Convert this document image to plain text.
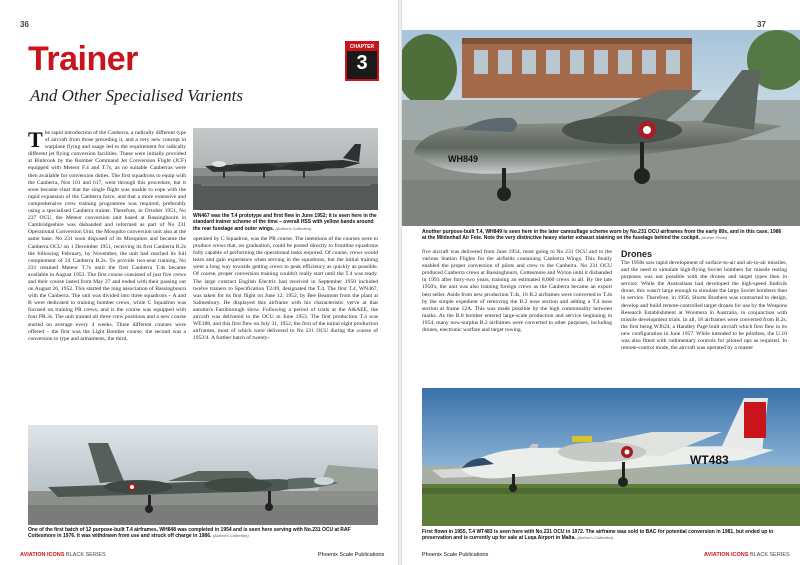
36
Trainer
And Other Specialised Varients
CHAPTER
3

The rapid introduction of the Canberra, a radically different type of aircraft from those preceding it, and a very new concept in warplane flying and usage led to the requirement for radically different jet flying conversion facilities. These were initially provided at Binbrook by the Bomber Command Jet Conversion Flight (JCF) equipped with Meteor F.4 and T.7s, as no suitable Canberras were then available for conversion duties. The first squadrons to equip with the Canberra, Nos 101 and 617, went through this procedure, but it soon became clear that the single flight was unable to cope with the rapid expansion of the Canberra force, and that a more extensive and comprehensive crew training programme was required, preferably using a specialised Canberra trainer. Therefore, in October 1951, No 237 OCU, the Meteor conversion unit based at Bassingbourn in Cambridgeshire was disbanded and reformed as part of No 231 Operational Conversion Unit, the Mosquito conversion unit also at the same base. No 231 soon disposed of its Mosquitos and became the Canberra OCU on 1 December 1951, receiving its first Canberra B.2s the following February, by November, the unit had reached its full complement of 24 Canberra B.2s. To provide two-seat training, No 231 retained Meteor T.7s until the first Canberra T.4s became available in August 1953. The first course consisted of just five crews and their course lasted from May 27 and ended with their passing out on August 26, 1952. This started the long association of Bassingbourn with the Canberra. The unit was divided into three squadrons – A and B were dedicated to training bomber crews, while C Squadron was focused on training PR crews, and is the course was equipped with four PR.3s. The unit trained all three crew positions and a new course started on average every 4 weeks. Three different courses were offered – the first was the Light Bomber course, the second was a conversion to type and armaments, the third,

WN467 was the T.4 prototype and first flew in June 1952; it is seen here in the standard trainer scheme of the time – overall HSS with yellow bands around the rear fuselage and outer wings. (Author's Collection)

operated by C Squadron, was the PR course. The intentions of the courses were to produce crews that, on graduation, could be posted directly to frontline squadrons fully capable of performing the operational tasks required. Of course, crews would learn and gain experience when serving in the squadrons, but the initial training went a long way towards getting crews to peak efficiency as quickly as possible. Of course, proper conversion training couldn't really start until the T.4 was ready. The large contract English Electric had received in September 1950 included twelve trainers to Specification T2/49, designated the T.4. The first T.4, WN467, was taken for its first flight on June 12, 1952, by Bee Beamont from the plant at Salmesbury. He displayed this airframe with his characteristic verve at that autumn's Farnborough show. Following a period of trials at the A&AEE, the aircraft was delivered to the OCU in June 1953. The first production T.4 was WE188, and this first flew on July 31, 1952, the first of the initial eight production airframes, most of which were delivered to No 231 OCU during the course of 1953/4. A further batch of twenty-

One of the first batch of 12 purpose-built T.4 airframes, WH848 was completed in 1954 and is seen here serving with No.231 OCU at RAF Cottesmore in 1976. It was withdrawn from use and struck off charge in 1986. (Author's Collection)

AVIATION ICONS BLACK SERIES	Phoenix Scale Publications
37
WH849

Another purpose-built T.4, WH849 is seen here in the later camouflage scheme worn by No.231 OCU airframes from the early 80s, and in this case, 1986 at the Mildenhall Air Fete. Note the very distinctive heavy starter exhaust staining on the fuselage behind the cockpit. (Author Photo)

five aircraft was delivered from June 1954, most going to No 231 OCU and to the various Station Flights for the airfields containing Canberra Wings. This finally enabled the proper conversion of pilots and crew to the Canberra. No 231 OCU produced Canberra crews at Bassingbourn, Cottesmore and Wyton until it disbanded in 1993 after forty-two years, training an estimated 8,000 crews in all. By the late 1950's, the unit was also training foreign crews as the Canberra became an export best seller. Aside from new production T.4s, 16 B.2 airframes were converted to T.4s by the simple expedient of removing the B.2 nose section and adding a T.4 nose section at frame 12A. This was made possible by the high commonality between marks. As the B.8 bomber entered large-scale production and service beginning in 1954, many now-surplus B.2 airframes were converted to other purposes, including drones, electronic warfare and target towing.

Drones

The 1950s saw rapid development of surface-to-air and air-to-air missiles, and the need to simulate high-flying Soviet bombers for missile testing purposes was not possible with the drones and target types then in service. While the Australians had developed the high-speed Jindivik drone, this wasn't large enough to simulate the large Soviet bombers then in service. Therefore, in 1956, Shorts Brothers was contracted to design, develop and build remote-controlled target drones for use by the Weapons Research Establishment at Woomera in Australia, in conjunction with missile development trials. In all, 18 airframes were converted from B.2s, the first being WJ624, a Handley Page built aircraft which first flew in its new configuration in June 1957. While intended to be pilotless, the U.10 was also fitted with rudimentary controls for piloted ops as required. In remote-control mode, the aircraft was operated by a master

WT483

First flown in 1955, T.4 WT483 is seen here with No.231 OCU in 1972. The airframe was sold to BAC for potential conversion in 1981, but ended up in preservation and is currently up for sale at Luqa Airport in Malta. (Author's Collection)

Phoenix Scale Publications	AVIATION ICONS BLACK SERIES
